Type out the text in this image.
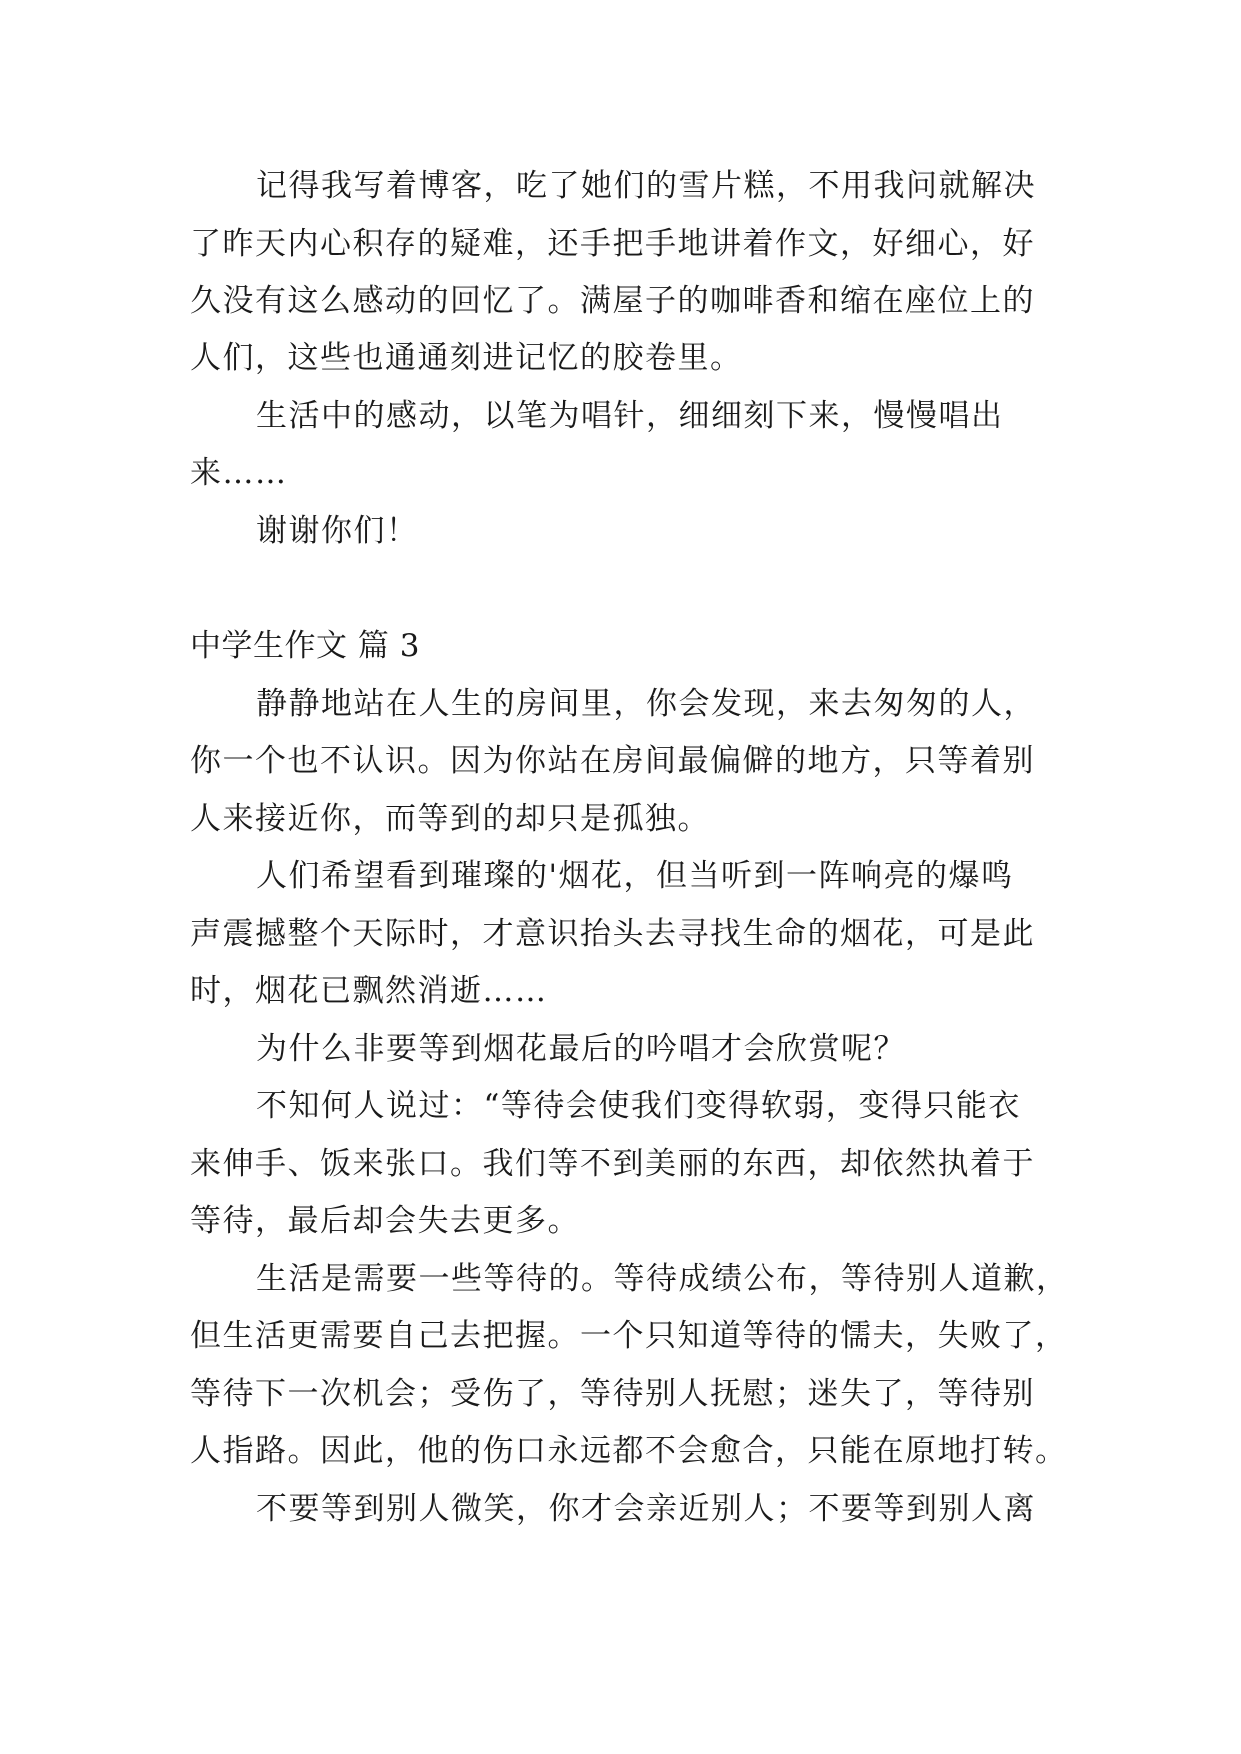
记得我写着博客，吃了她们的雪片糕，不用我问就解决
了昨天内心积存的疑难，还手把手地讲着作文，好细心，好
久没有这么感动的回忆了。满屋子的咖啡香和缩在座位上的
人们，这些也通通刻进记忆的胶卷里。
生活中的感动，以笔为唱针，细细刻下来，慢慢唱出
来……
谢谢你们！
中学生作文 篇 3
静静地站在人生的房间里，你会发现，来去匆匆的人，
你一个也不认识。因为你站在房间最偏僻的地方，只等着别
人来接近你，而等到的却只是孤独。
人们希望看到璀璨的'烟花，但当听到一阵响亮的爆鸣
声震撼整个天际时，才意识抬头去寻找生命的烟花，可是此
时，烟花已飘然消逝……
为什么非要等到烟花最后的吟唱才会欣赏呢？
不知何人说过：“等待会使我们变得软弱，变得只能衣
来伸手、饭来张口。我们等不到美丽的东西，却依然执着于
等待，最后却会失去更多。
生活是需要一些等待的。等待成绩公布，等待别人道歉，
但生活更需要自己去把握。一个只知道等待的懦夫，失败了，
等待下一次机会；受伤了，等待别人抚慰；迷失了，等待别
人指路。因此，他的伤口永远都不会愈合，只能在原地打转。
不要等到别人微笑，你才会亲近别人；不要等到别人离
